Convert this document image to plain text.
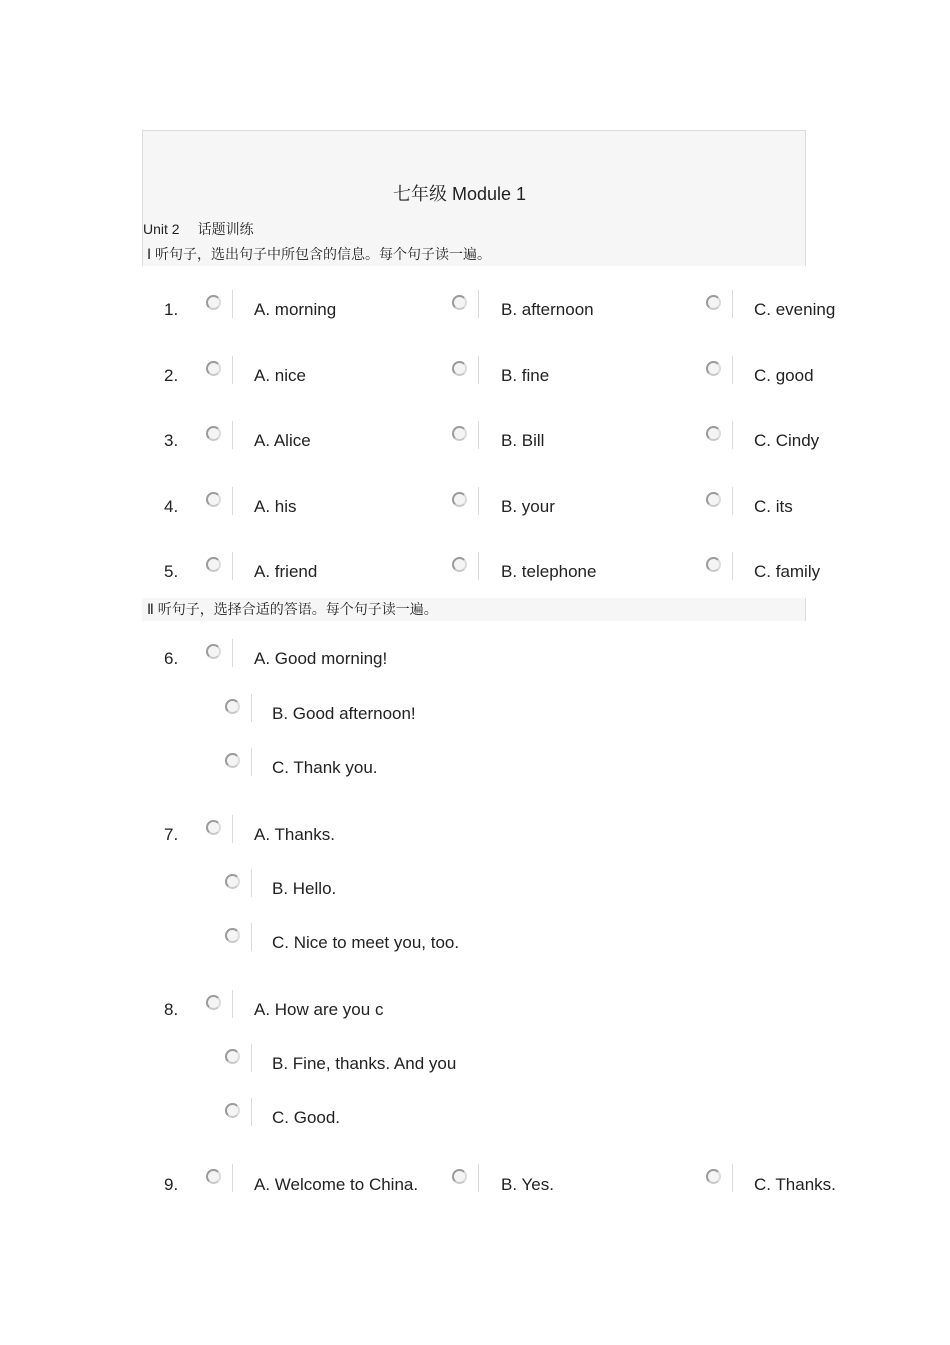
七年级 Module 1
Unit 2 话题训练
Ⅰ 听句子，选出句子中所包含的信息。每个句子读一遍。
1.	A. morning	B. afternoon	C. evening
2.	A. nice	B. fine	C. good
3.	A. Alice	B. Bill	C. Cindy
4.	A. his	B. your	C. its
5.	A. friend	B. telephone	C. family
Ⅱ 听句子，选择合适的答语。每个句子读一遍。
6.	A. Good morning!
B. Good afternoon!
C. Thank you.
7.	A. Thanks.
B. Hello.
C. Nice to meet you, too.
8.	A. How are you c
B. Fine, thanks. And you
C. Good.
9.	A. Welcome to China.	B. Yes.	C. Thanks.
